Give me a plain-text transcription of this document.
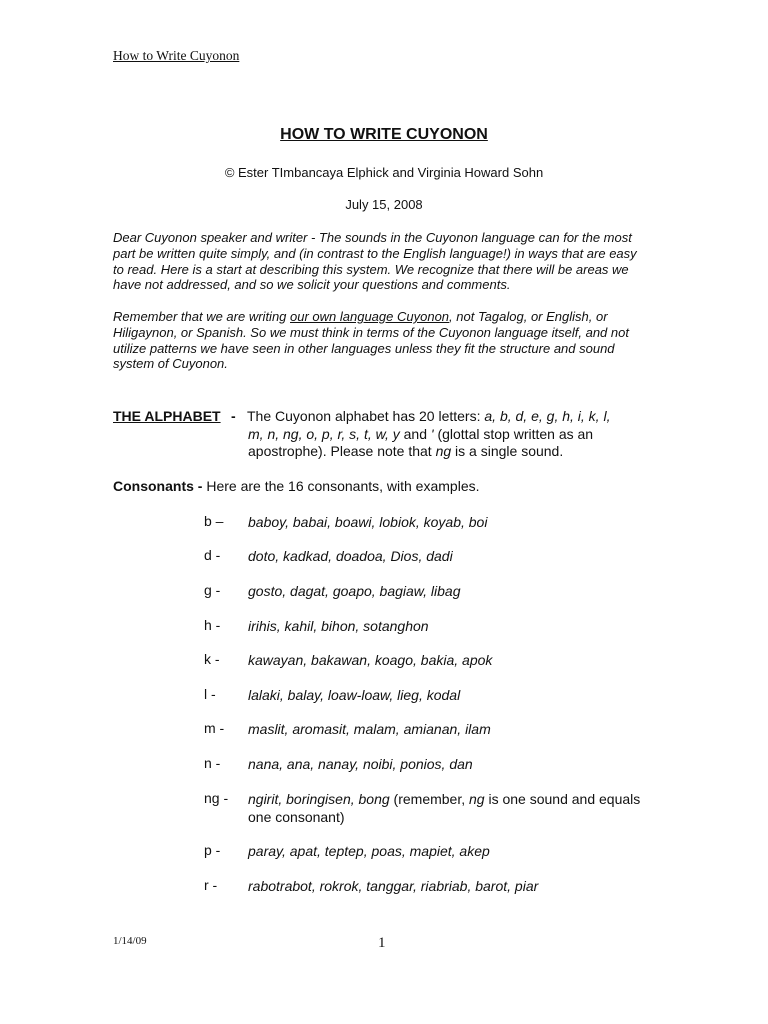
How to Write Cuyonon
HOW TO WRITE CUYONON
© Ester TImbancaya Elphick and Virginia Howard Sohn
July 15, 2008
Dear Cuyonon speaker and writer - The sounds in the Cuyonon language can for the most part be written quite simply, and (in contrast to the English language!) in ways that are easy to read. Here is a start at describing this system. We recognize that there will be areas we have not addressed, and so we solicit your questions and comments.
Remember that we are writing our own language Cuyonon, not Tagalog, or English, or Hiligaynon, or Spanish. So we must think in terms of the Cuyonon language itself, and not utilize patterns we have seen in other languages unless they fit the structure and sound system of Cuyonon.
THE ALPHABET - The Cuyonon alphabet has 20 letters: a, b, d, e, g, h, i, k, l,
m, n, ng, o, p, r, s, t, w, y and ' (glottal stop written as an
apostrophe). Please note that ng is a single sound.
Consonants - Here are the 16 consonants, with examples.
b – baboy, babai, boawi, lobiok, koyab, boi
d - doto, kadkad, doadoa, Dios, dadi
g - gosto, dagat, goapo, bagiaw, libag
h - irihis, kahil, bihon, sotanghon
k - kawayan, bakawan, koago, bakia, apok
l - lalaki, balay, loaw-loaw, lieg, kodal
m - maslit, aromasit, malam, amianan, ilam
n - nana, ana, nanay, noibi, ponios, dan
ng - ngirit, boringisen, bong (remember, ng is one sound and equals one consonant)
p - paray, apat, teptep, poas, mapiet, akep
r - rabotrabot, rokrok, tanggar, riabriab, barot, piar
1/14/09	1
